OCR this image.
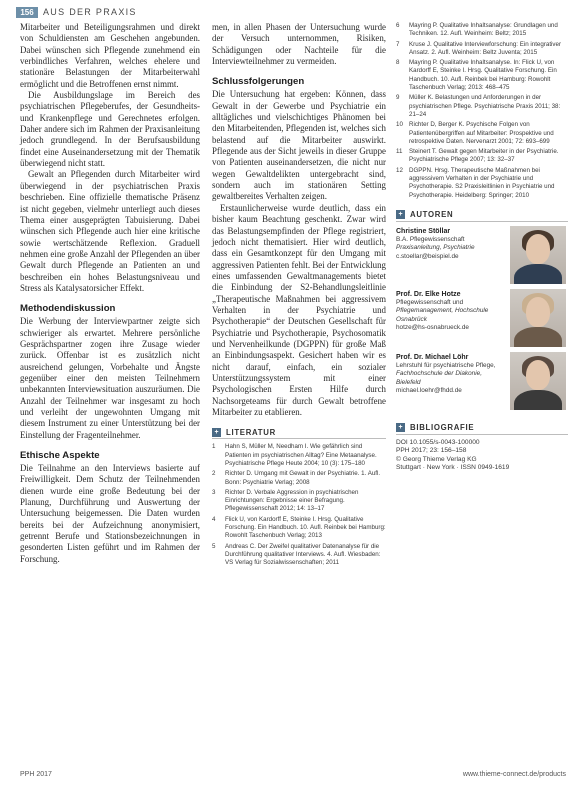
156	AUS DER PRAXIS

Mitarbeiter und Beteiligungsrahmen und direkt von Schuldiensten am Geschehen angebunden. Dabei wünschen sich Pflegende zunehmend ein verbindliches Verfahren, welches ehelere und stationäre Belastungen der Mitarbeiterwahl ermöglicht und die Betroffenen ernst nimmt.

Die Ausbildungslage im Bereich des psychiatrischen Pflegeberufes, der Gesundheits- und Krankenpflege und Gerechnetes erfolgen. Daher andere sich im Rahmen der Praxisanleitung jedoch grundlegend. In der Berufsausbildung findet eine Auseinandersetzung mit der Thematik überwiegend nicht statt.

Gewalt an Pflegenden durch Mitarbeiter wird überwiegend in der psychiatrischen Praxis beschrieben. Eine offizielle thematische Präsenz ist nicht gegeben, vielmehr unterliegt auch dieses Thema einer ausgeprägten Tabuisierung. Dabei wünschen sich Pflegende auch hier eine kritische sowie wertschätzende Reflexion. Graduell nehmen eine große Anzahl der Pflegenden an über Gewalt durch Pflegende an Patienten an und beschreiben ein hohes Belastungsniveau und Stress als Katalysatorsicher Effekt.

Methodendiskussion

Die Werbung der Interviewpartner zeigte sich schwieriger als erwartet. Mehrere persönliche Gesprächspartner zogen ihre Zusage wieder zurück. Offenbar ist es zusätzlich nicht ausreichend gelungen, Vorbehalte und Ängste gegenüber einer den meisten Teilnehmern unbekannten Interviewsituation auszuräumen. Die Anzahl der Teilnehmer war insgesamt zu hoch und verleiht der ungewohnten Umgang mit diesem Instrument zu einer Unterstützung bei der Einstellung der Fragenteilnehmer.

Ethische Aspekte

Die Teilnahme an den Interviews basierte auf Freiwilligkeit. Dem Schutz der Teilnehmenden dienen wurde eine große Bedeutung bei der Planung, Durchführung und Auswertung der Untersuchung beigemessen. Die Daten wurden bereits bei der Aufzeichnung anonymisiert, getrennt Berufe und Stationsbezeichnungen in gesonderten Listen geführt und im Rahmen der Forschung.

men, in allen Phasen der Untersuchung wurde der Versuch unternommen, Risiken, Schädigungen oder Nachteile für die Interviewteilnehmer zu vermeiden.

Schlussfolgerungen

Die Untersuchung hat ergeben: Können, dass Gewalt in der Gewerbe und Psychiatrie ein alltägliches und vielschichtiges Phänomen bei den Mitarbeitenden, Pflegenden ist, welches sich belastend auf die Mitarbeiter auswirkt. Pflegende aus der Sicht jeweils in dieser Gruppe von Patienten auseinandersetzen, die nicht nur wegen Gewaltdelikten untergebracht sind, sondern auch im stationären Setting gewaltbereites Verhalten zeigen.

Erstaunlicherweise wurde deutlich, dass ein bisher kaum Beachtung geschenkt. Zwar wird das Belastungsempfinden der Pflege registriert, jedoch nicht thematisiert. Hier wird deutlich, dass ein Gesamtkonzept für den Umgang mit aggressiven Patienten fehlt. Bei der Entwicklung eines umfassenden Gewaltmanagements bietet die Einbindung der S2-Behandlungsleitlinie „Therapeutische Maßnahmen bei aggressivem Verhalten in der Psychiatrie und Psychotherapie“ der Deutschen Gesellschaft für Psychiatrie und Psychotherapie, Psychosomatik und Nervenheilkunde (DGPPN) für große Maß an Einbindungsaspekt. Gesichert haben wir es nicht darauf, einfach, ein sozialer Unterstützungssystem mit einer Psychologischen Ersten Hilfe durch Nachsorgeteams für durch Gewalt betroffene Mitarbeiter zu etablieren.

+ LITERATUR
1	Hahn S, Müller M, Needham I. Wie gefährlich sind Patienten im psychiatrischen Alltag? Eine Metaanalyse. Psychiatrische Pflege Heute 2004; 10 (3): 175–180
2	Richter D. Umgang mit Gewalt in der Psychiatrie. 1. Aufl. Bonn: Psychiatrie Verlag; 2008
3	Richter D. Verbale Aggression in psychiatrischen Einrichtungen: Ergebnisse einer Befragung. Pflegewissenschaft 2012; 14: 13–17
4	Flick U, von Kardorff E, Steinke I. Hrsg. Qualitative Forschung. Ein Handbuch. 10. Aufl. Reinbek bei Hamburg: Rowohlt Taschenbuch Verlag; 2013
5	Andreas C. Der Zweifel qualitativer Datenanalyse für die Durchführung qualitativer Interviews. 4. Aufl. Wiesbaden: VS Verlag für Sozialwissenschaften; 2011
6	Mayring P. Qualitative Inhaltsanalyse: Grundlagen und Techniken. 12. Aufl. Weinheim: Beltz; 2015
7	Kruse J. Qualitative Interviewforschung: Ein integrativer Ansatz. 2. Aufl. Weinheim: Beltz Juventa; 2015
8	Mayring P. Qualitative Inhaltsanalyse. In: Flick U, von Kardorff E, Steinke I. Hrsg. Qualitative Forschung. Ein Handbuch. 10. Aufl. Reinbek bei Hamburg: Rowohlt Taschenbuch Verlag; 2013: 468–475
9	Müller K. Belastungen und Anforderungen in der psychiatrischen Pflege. Psychiatrische Praxis 2011; 38: 21–24
10 Richter D, Berger K. Psychische Folgen von Patientenübergriffen auf Mitarbeiter: Prospektive und retrospektive Daten. Nervenarzt 2001; 72: 693–699
11	Steinert T. Gewalt gegen Mitarbeiter in der Psychiatrie. Psychiatrische Pflege 2007; 13: 32–37
12 DGPPN. Hrsg. Therapeutische Maßnahmen bei aggressivem Verhalten in der Psychiatrie und Psychotherapie. S2 Praxisleitlinien in Psychiatrie und Psychotherapie. Heidelberg: Springer; 2010
+ AUTOREN
Christine Stöllar
B.A. Pflegewissenschaft
Praxisanleitung, Psychiatrie
c.stoellar@beispiel.de
Prof. Dr. Elke Hotze
Pflegewissenschaft und
Pflegemanagement, Hochschule Osnabrück
hotze@hs-osnabrueck.de
Prof. Dr. Michael Löhr
Lehrstuhl für psychiatrische Pflege,
Fachhochschule der Diakonie, Bielefeld
michael.loehr@fhdd.de
+ BIBLIOGRAFIE
DOI 10.1055/s-0043-100000
PPH 2017; 23: 156–158
© Georg Thieme Verlag KG
Stuttgart · New York · ISSN 0949-1619
PPH 2017	www.thieme-connect.de/products
